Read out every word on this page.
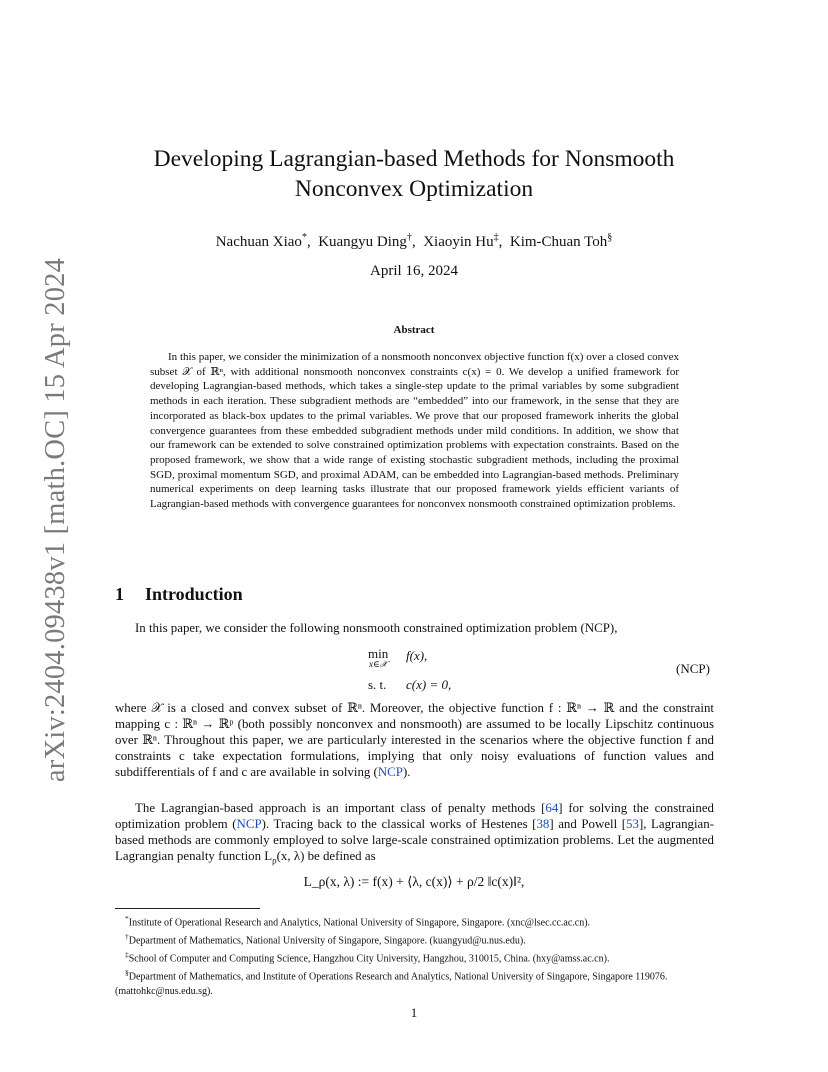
arXiv:2404.09438v1 [math.OC] 15 Apr 2024
Developing Lagrangian-based Methods for Nonsmooth
Nonconvex Optimization
Nachuan Xiao*,  Kuangyu Ding†,  Xiaoyin Hu‡,  Kim-Chuan Toh§
April 16, 2024
Abstract

In this paper, we consider the minimization of a nonsmooth nonconvex objective function f(x) over a closed convex subset 𝒳 of ℝⁿ, with additional nonsmooth nonconvex constraints c(x) = 0. We develop a unified framework for developing Lagrangian-based methods, which takes a single-step update to the primal variables by some subgradient methods in each iteration. These subgradient methods are “embedded” into our framework, in the sense that they are incorporated as black-box updates to the primal variables. We prove that our proposed framework inherits the global convergence guarantees from these embedded subgradient methods under mild conditions. In addition, we show that our framework can be extended to solve constrained optimization problems with expectation constraints. Based on the proposed framework, we show that a wide range of existing stochastic subgradient methods, including the proximal SGD, proximal momentum SGD, and proximal ADAM, can be embedded into Lagrangian-based methods. Preliminary numerical experiments on deep learning tasks illustrate that our proposed framework yields efficient variants of Lagrangian-based methods with convergence guarantees for nonconvex nonsmooth constrained optimization problems.

1 Introduction

In this paper, we consider the following nonsmooth constrained optimization problem (NCP),

min
x∈𝒳
f(x),
s. t. c(x) = 0,
(NCP)

where 𝒳 is a closed and convex subset of ℝⁿ. Moreover, the objective function f : ℝⁿ → ℝ and the constraint mapping c : ℝⁿ → ℝᵖ (both possibly nonconvex and nonsmooth) are assumed to be locally Lipschitz continuous over ℝⁿ. Throughout this paper, we are particularly interested in the scenarios where the objective function f and constraints c take expectation formulations, implying that only noisy evaluations of function values and subdifferentials of f and c are available in solving (NCP).

The Lagrangian-based approach is an important class of penalty methods [64] for solving the constrained optimization problem (NCP). Tracing back to the classical works of Hestenes [38] and Powell [53], Lagrangian-based methods are commonly employed to solve large-scale constrained optimization problems. Let the augmented Lagrangian penalty function $L_\rho(x$, λ) be defined as

L_ρ(x, λ) := f(x) + ⟨λ, c(x)⟩ + ρ/2 ‖c(x)‖²,

*Institute of Operational Research and Analytics, National University of Singapore, Singapore. (xnc@lsec.cc.ac.cn).

†Department of Mathematics, National University of Singapore, Singapore. (kuangyud@u.nus.edu).

‡School of Computer and Computing Science, Hangzhou City University, Hangzhou, 310015, China. (hxy@amss.ac.cn).

§Department of Mathematics, and Institute of Operations Research and Analytics, National University of Singapore, Singapore 119076. (mattohkc@nus.edu.sg).

1
